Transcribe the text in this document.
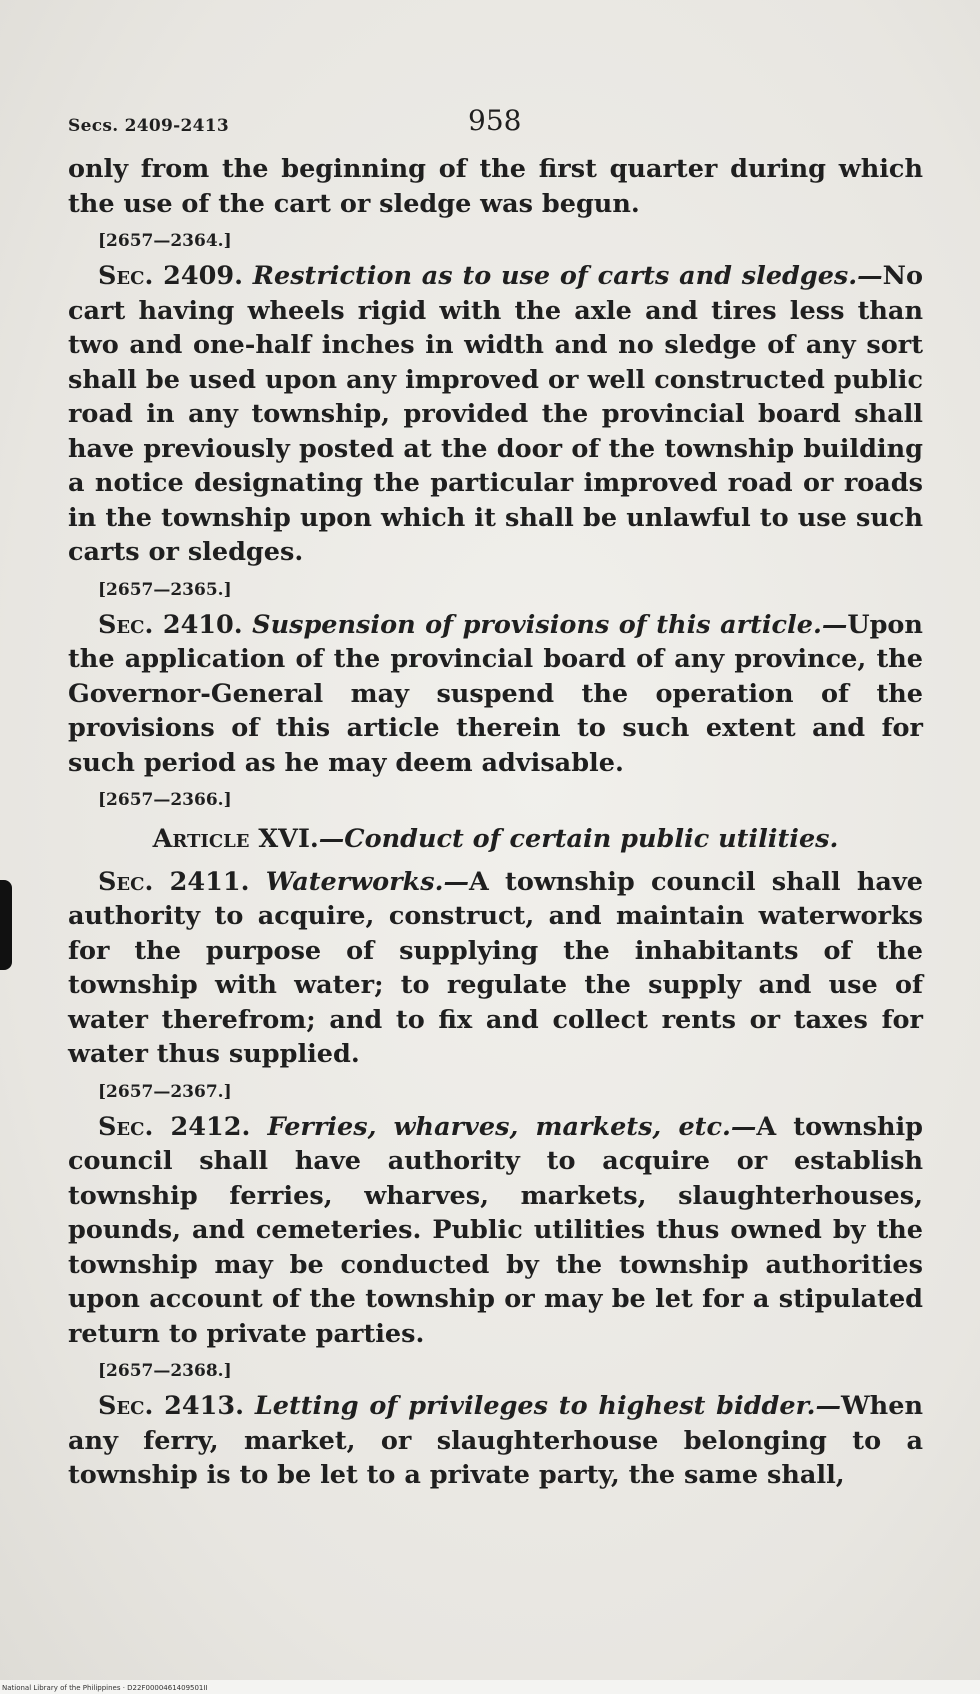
Secs. 2409-2413	958

only from the beginning of the first quarter during which the use of the cart or sledge was begun.

[2657—2364.]

Sec. 2409. Restriction as to use of carts and sledges.—No cart having wheels rigid with the axle and tires less than two and one-half inches in width and no sledge of any sort shall be used upon any improved or well constructed public road in any township, provided the provincial board shall have previously posted at the door of the township building a notice designating the particular improved road or roads in the township upon which it shall be unlawful to use such carts or sledges.

[2657—2365.]

Sec. 2410. Suspension of provisions of this article.—Upon the application of the provincial board of any province, the Governor-General may suspend the operation of the provisions of this article therein to such extent and for such period as he may deem advisable.

[2657—2366.]

Article XVI.—Conduct of certain public utilities.

Sec. 2411. Waterworks.—A township council shall have authority to acquire, construct, and maintain waterworks for the purpose of supplying the inhabitants of the township with water; to regulate the supply and use of water therefrom; and to fix and collect rents or taxes for water thus supplied.

[2657—2367.]

Sec. 2412. Ferries, wharves, markets, etc.—A township council shall have authority to acquire or establish township ferries, wharves, markets, slaughterhouses, pounds, and cemeteries. Public utilities thus owned by the township may be conducted by the township authorities upon account of the township or may be let for a stipulated return to private parties.

[2657—2368.]

Sec. 2413. Letting of privileges to highest bidder.—When any ferry, market, or slaughterhouse belonging to a township is to be let to a private party, the same shall,

National Library of the Philippines · D22F0000461409501II
